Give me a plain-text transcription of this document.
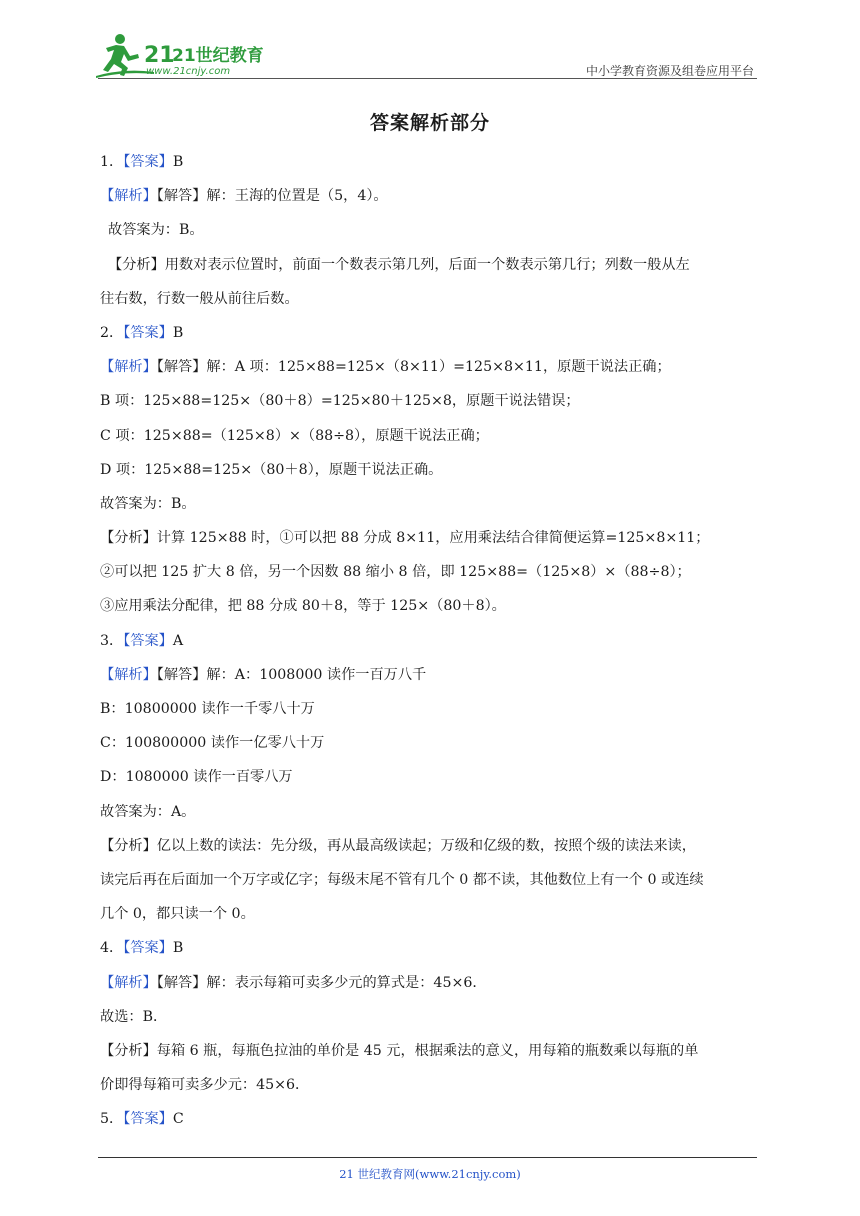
21
21世纪教育
www.21cnjy.com	中小学教育资源及组卷应用平台
答案解析部分
1．【答案】B
【解析】【解答】解：王海的位置是（5，4）。
故答案为：B。
【分析】用数对表示位置时，前面一个数表示第几列，后面一个数表示第几行；列数一般从左
往右数，行数一般从前往后数。
2．【答案】B
【解析】【解答】解：A 项：125×88=125×（8×11）=125×8×11，原题干说法正确；
B 项：125×88=125×（80＋8）=125×80＋125×8，原题干说法错误；
C 项：125×88=（125×8）×（88÷8），原题干说法正确；
D 项：125×88=125×（80＋8），原题干说法正确。
故答案为：B。
【分析】计算 125×88 时，①可以把 88 分成 8×11，应用乘法结合律简便运算=125×8×11；
②可以把 125 扩大 8 倍，另一个因数 88 缩小 8 倍，即 125×88=（125×8）×（88÷8）；
③应用乘法分配律，把 88 分成 80＋8，等于 125×（80＋8）。
3．【答案】A
【解析】【解答】解：A：1008000 读作一百万八千
B：10800000 读作一千零八十万
C：100800000 读作一亿零八十万
D：1080000 读作一百零八万
故答案为：A。
【分析】亿以上数的读法：先分级，再从最高级读起；万级和亿级的数，按照个级的读法来读，
读完后再在后面加一个万字或亿字；每级末尾不管有几个 0 都不读，其他数位上有一个 0 或连续
几个 0，都只读一个 0。
4．【答案】B
【解析】【解答】解：表示每箱可卖多少元的算式是：45×6．
故选：B．
【分析】每箱 6 瓶，每瓶色拉油的单价是 45 元，根据乘法的意义，用每箱的瓶数乘以每瓶的单
价即得每箱可卖多少元：45×6．
5．【答案】C
21 世纪教育网(www.21cnjy.com)
